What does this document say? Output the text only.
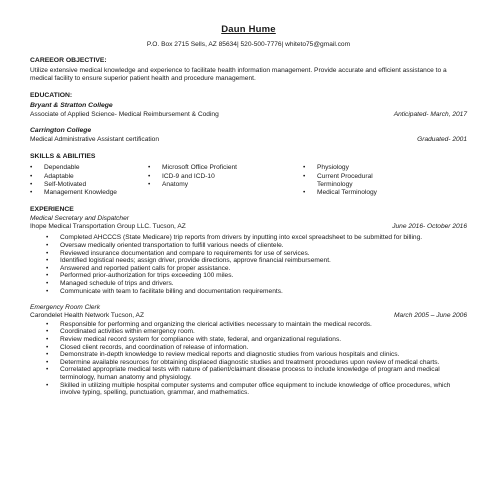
Daun Hume
P.O. Box 2715 Sells, AZ 85634| 520-500-7776| whiteto75@gmail.com
CAREEOR OBJECTIVE:
Utilize extensive medical knowledge and experience to facilitate health information management. Provide accurate and efficient assistance to a medical facility to ensure superior patient health and procedure management.
EDUCATION:
Bryant & Stratton College
Associate of Applied Science- Medical Reimbursement & Coding	Anticipated- March, 2017
Carrington College
Medical Administrative Assistant certification	Graduated- 2001
SKILLS & ABILITIES
• Dependable
• Adaptable
• Self-Motivated
• Management Knowledge
• Microsoft Office Proficient
• ICD-9 and ICD-10
• Anatomy
• Physiology
• Current Procedural
Terminology
• Medical Terminology
EXPERIENCE
Medical Secretary and Dispatcher
Ihope Medical Transportation Group LLC. Tucson, AZ	June 2016- October 2016
• Completed AHCCCS (State Medicare) trip reports from drivers by inputting into excel spreadsheet to be submitted for billing.
• Oversaw medically oriented transportation to fulfill various needs of clientele.
• Reviewed insurance documentation and compare to requirements for use of services.
• Identified logistical needs; assign driver, provide directions, approve financial reimbursement.
• Answered and reported patient calls for proper assistance.
• Performed prior-authorization for trips exceeding 100 miles.
• Managed schedule of trips and drivers.
• Communicate with team to facilitate billing and documentation requirements.
Emergency Room Clerk
Carondelet Health Network Tucson, AZ	March 2005 – June 2006
• Responsible for performing and organizing the clerical activities necessary to maintain the medical records.
• Coordinated activities within emergency room.
• Review medical record system for compliance with state, federal, and organizational regulations.
• Closed client records, and coordination of release of information.
• Demonstrate in-depth knowledge to review medical reports and diagnostic studies from various hospitals and clinics.
• Determine available resources for obtaining displaced diagnostic studies and treatment procedures upon review of medical charts.
• Correlated appropriate medical tests with nature of patient/claimant disease process to include knowledge of program and medical terminology, human anatomy and physiology.
• Skilled in utilizing multiple hospital computer systems and computer office equipment to include knowledge of office procedures, which involve typing, spelling, punctuation, grammar, and mathematics.
